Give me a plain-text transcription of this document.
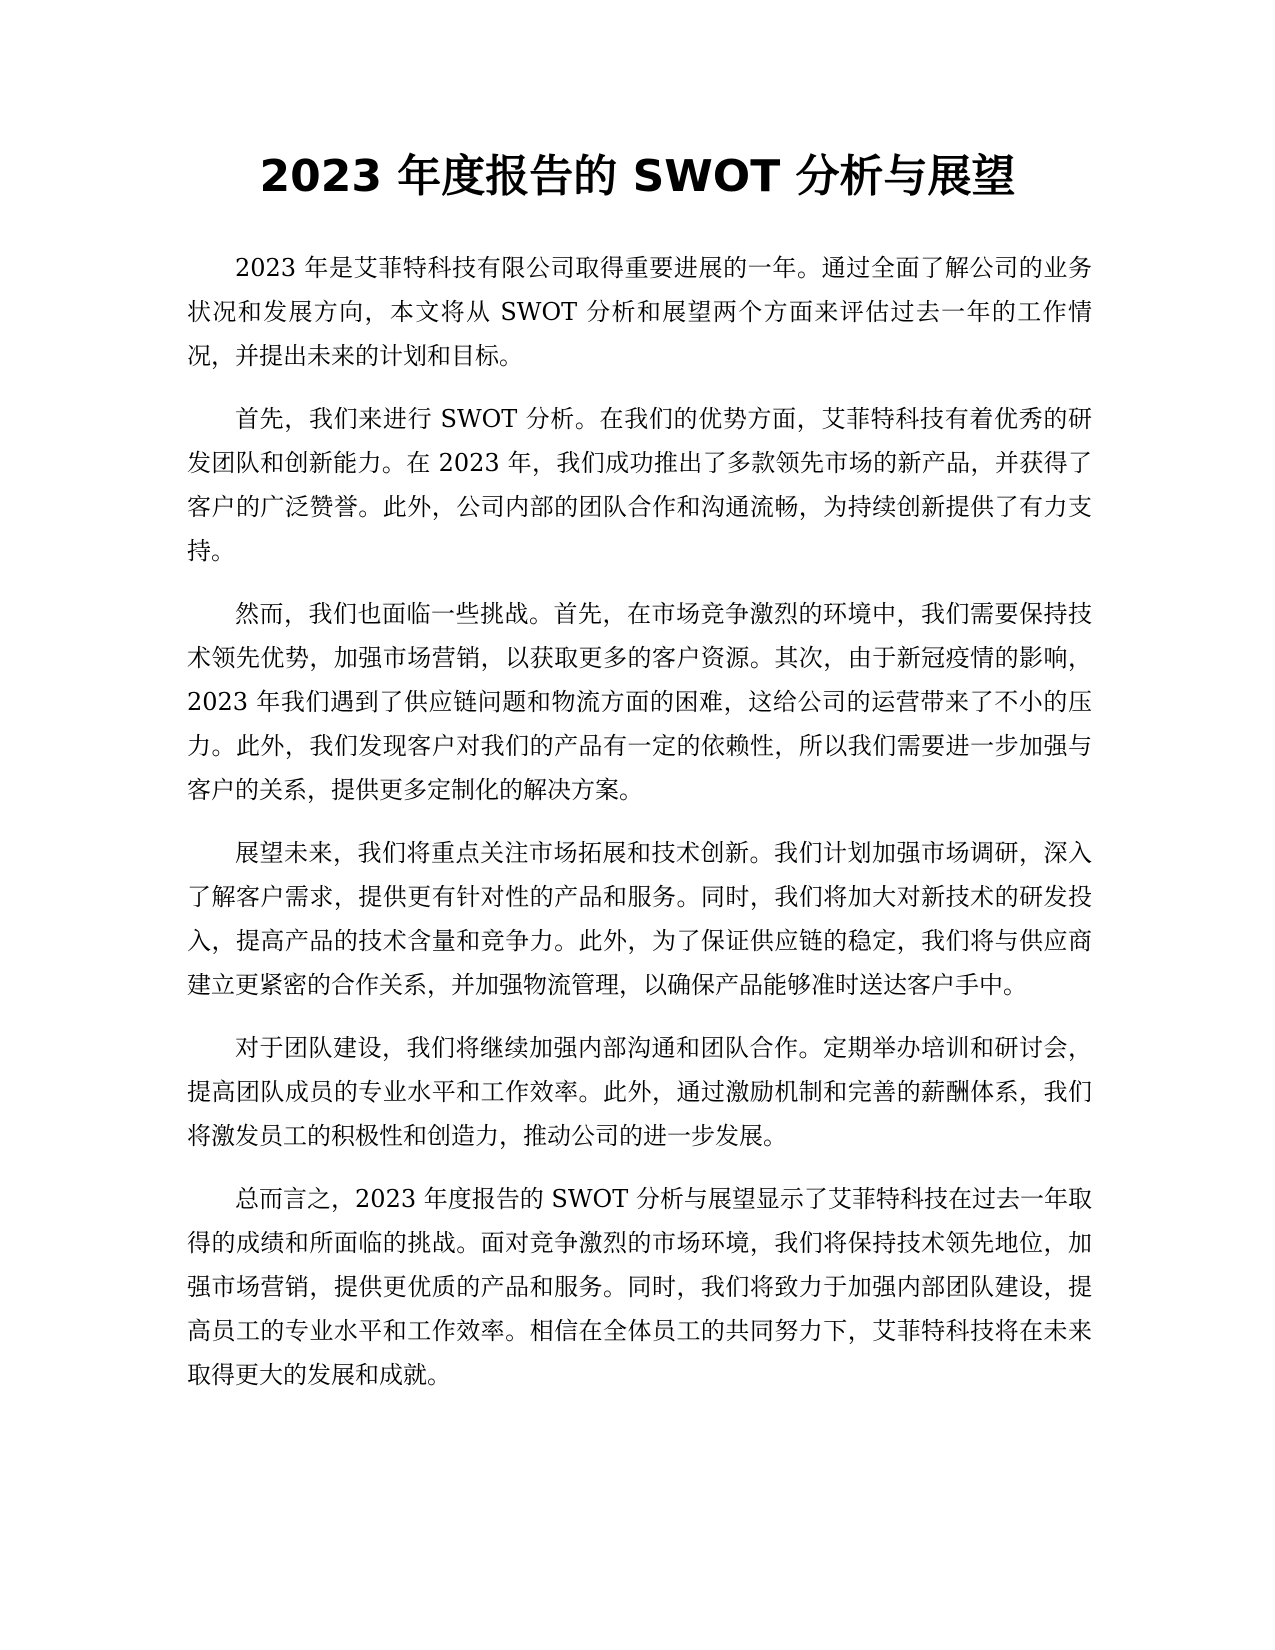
2023 年度报告的 SWOT 分析与展望

2023 年是艾菲特科技有限公司取得重要进展的一年。通过全面了解公司的业务状况和发展方向，本文将从 SWOT 分析和展望两个方面来评估过去一年的工作情况，并提出未来的计划和目标。

首先，我们来进行 SWOT 分析。在我们的优势方面，艾菲特科技有着优秀的研发团队和创新能力。在 2023 年，我们成功推出了多款领先市场的新产品，并获得了客户的广泛赞誉。此外，公司内部的团队合作和沟通流畅，为持续创新提供了有力支持。

然而，我们也面临一些挑战。首先，在市场竞争激烈的环境中，我们需要保持技术领先优势，加强市场营销，以获取更多的客户资源。其次，由于新冠疫情的影响，2023 年我们遇到了供应链问题和物流方面的困难，这给公司的运营带来了不小的压力。此外，我们发现客户对我们的产品有一定的依赖性，所以我们需要进一步加强与客户的关系，提供更多定制化的解决方案。

展望未来，我们将重点关注市场拓展和技术创新。我们计划加强市场调研，深入了解客户需求，提供更有针对性的产品和服务。同时，我们将加大对新技术的研发投入，提高产品的技术含量和竞争力。此外，为了保证供应链的稳定，我们将与供应商建立更紧密的合作关系，并加强物流管理，以确保产品能够准时送达客户手中。

对于团队建设，我们将继续加强内部沟通和团队合作。定期举办培训和研讨会，提高团队成员的专业水平和工作效率。此外，通过激励机制和完善的薪酬体系，我们将激发员工的积极性和创造力，推动公司的进一步发展。

总而言之，2023 年度报告的 SWOT 分析与展望显示了艾菲特科技在过去一年取得的成绩和所面临的挑战。面对竞争激烈的市场环境，我们将保持技术领先地位，加强市场营销，提供更优质的产品和服务。同时，我们将致力于加强内部团队建设，提高员工的专业水平和工作效率。相信在全体员工的共同努力下，艾菲特科技将在未来取得更大的发展和成就。
